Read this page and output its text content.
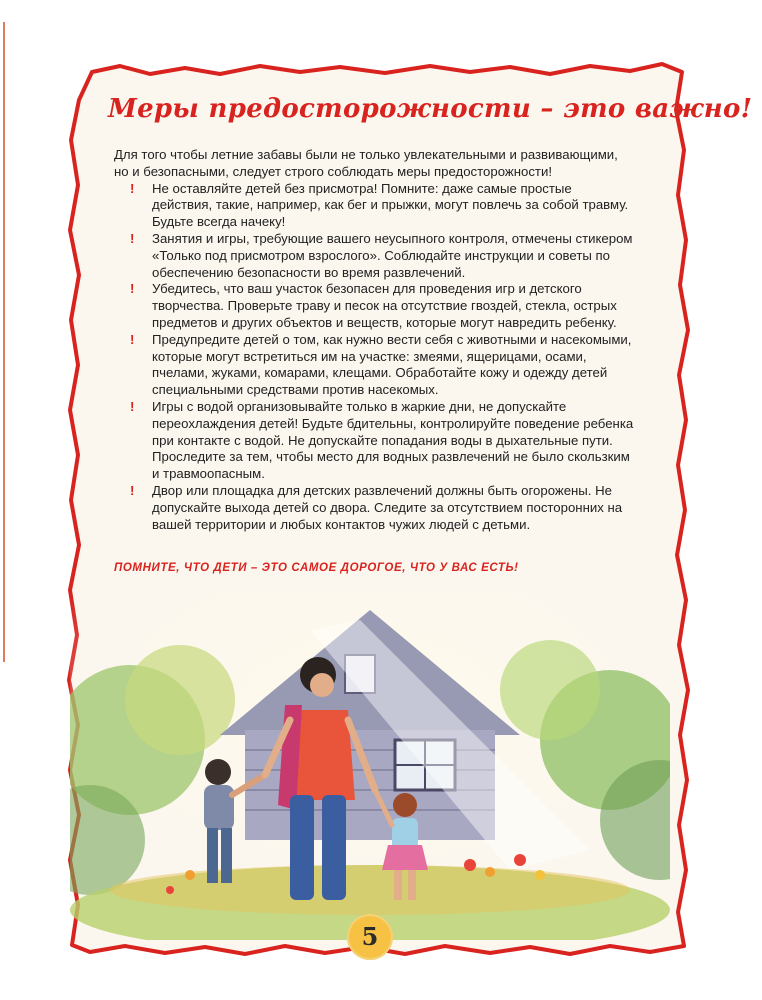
Меры предосторожности – это важно!

Для того чтобы летние забавы были не только увлекательными и развивающими, но и безопасными, следует строго соблюдать меры предосторожности!

! Не оставляйте детей без присмотра! Помните: даже самые простые действия, такие, например, как бег и прыжки, могут повлечь за собой травму. Будьте всегда начеку!
! Занятия и игры, требующие вашего неусыпного контроля, отмечены стикером «Только под присмотром взрослого». Соблюдайте инструкции и советы по обеспечению безопасности во время развлечений.
! Убедитесь, что ваш участок безопасен для проведения игр и детского творчества. Проверьте траву и песок на отсутствие гвоздей, стекла, острых предметов и других объектов и веществ, которые могут навредить ребенку.
! Предупредите детей о том, как нужно вести себя с животными и насекомыми, которые могут встретиться им на участке: змеями, ящерицами, осами, пчелами, жуками, комарами, клещами. Обработайте кожу и одежду детей специальными средствами против насекомых.
! Игры с водой организовывайте только в жаркие дни, не допускайте переохлаждения детей! Будьте бдительны, контролируйте поведение ребенка при контакте с водой. Не допускайте попадания воды в дыхательные пути. Проследите за тем, чтобы место для водных развлечений не было скользким и травмоопасным.
! Двор или площадка для детских развлечений должны быть огорожены. Не допускайте выхода детей со двора. Следите за отсутствием посторонних на вашей территории и любых контактов чужих людей с детьми.

ПОМНИТЕ, ЧТО ДЕТИ – ЭТО САМОЕ ДОРОГОЕ, ЧТО У ВАС ЕСТЬ!

5
